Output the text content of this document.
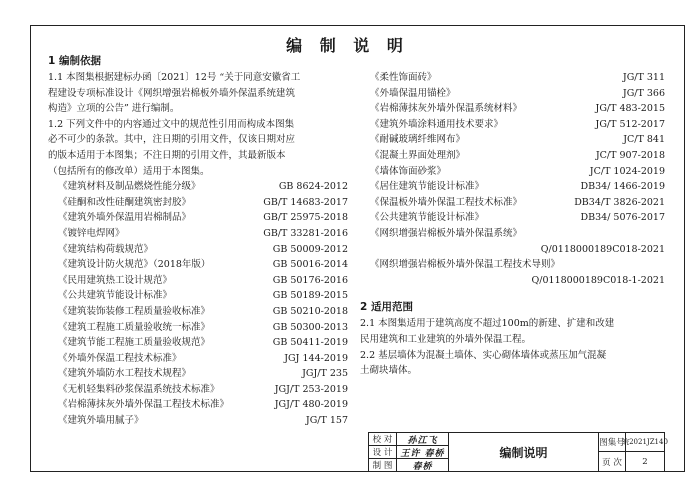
编 制 说 明
1 编制依据
1.1 本图集根据建标办函〔2021〕12号 “关于同意安徽省工
程建设专项标准设计《网织增强岩棉板外墙外保温系统建筑
构造》立项的公告” 进行编制。
1.2 下列文件中的内容通过文中的规范性引用而构成本图集
必不可少的条款。其中，注日期的引用文件，仅该日期对应
的版本适用于本图集；不注日期的引用文件，其最新版本
（包括所有的修改单）适用于本图集。
《建筑材料及制品燃烧性能分级》	GB 8624-2012
《硅酮和改性硅酮建筑密封胶》	GB/T 14683-2017
《建筑外墙外保温用岩棉制品》	GB/T 25975-2018
《镀锌电焊网》	GB/T 33281-2016
《建筑结构荷载规范》	GB 50009-2012
《建筑设计防火规范》（2018年版）	GB 50016-2014
《民用建筑热工设计规范》	GB 50176-2016
《公共建筑节能设计标准》	GB 50189-2015
《建筑装饰装修工程质量验收标准》	GB 50210-2018
《建筑工程施工质量验收统一标准》	GB 50300-2013
《建筑节能工程施工质量验收规范》	GB 50411-2019
《外墙外保温工程技术标准》	JGJ 144-2019
《建筑外墙防水工程技术规程》	JGJ/T 235
《无机轻集料砂浆保温系统技术标准》	JGJ/T 253-2019
《岩棉薄抹灰外墙外保温工程技术标准》	JGJ/T 480-2019
《建筑外墙用腻子》	JG/T 157
《柔性饰面砖》	JG/T 311
《外墙保温用锚栓》	JG/T 366
《岩棉薄抹灰外墙外保温系统材料》	JG/T 483-2015
《建筑外墙涂料通用技术要求》	JG/T 512-2017
《耐碱玻璃纤维网布》	JC/T 841
《混凝土界面处理剂》	JC/T 907-2018
《墙体饰面砂浆》	JC/T 1024-2019
《居住建筑节能设计标准》	DB34/ 1466-2019
《保温板外墙外保温工程技术标准》	DB34/T 3826-2021
《公共建筑节能设计标准》	DB34/ 5076-2017
《网织增强岩棉板外墙外保温系统》
Q/0118000189C018-2021
《网织增强岩棉板外墙外保温工程技术导则》
Q/0118000189C018-1-2021
2 适用范围
2.1 本图集适用于建筑高度不超过100m的新建、扩建和改建
民用建筑和工业建筑的外墙外保温工程。
2.2 基层墙体为混凝土墙体、实心砌体墙体或蒸压加气混凝
土砌块墙体。
校 对	孙江飞
设 计 王许 春桥
制 图	春桥
编制说明
图集号
皖2021JZ140
页 次	2
